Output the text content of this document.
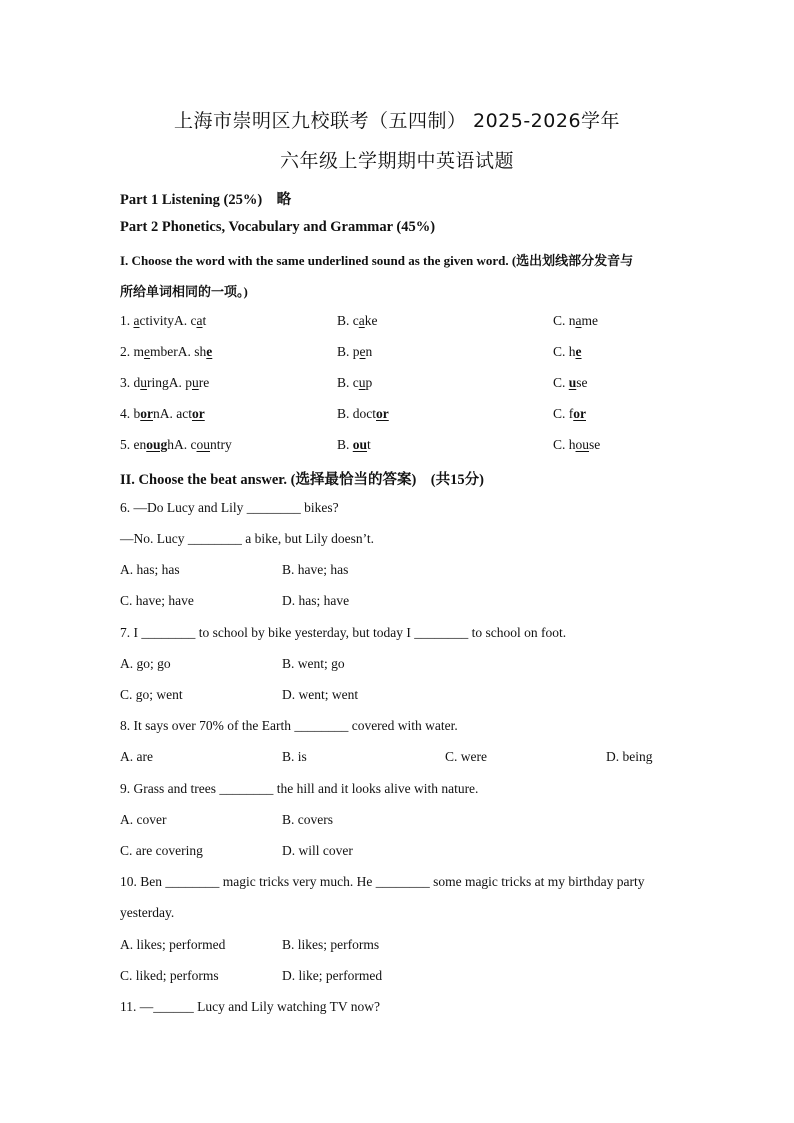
上海市崇明区九校联考（五四制） 2025-2026学年
六年级上学期期中英语试题
Part 1 Listening (25%)　略
Part 2 Phonetics, Vocabulary and Grammar (45%)
I. Choose the word with the same underlined sound as the given word. (选出划线部分发音与
所给单词相同的一项。)
1. activityA. cat	B. cake	C. name
2. memberA. she	B. pen	C. he
3. duringA. pure	B. cup	C. use
4. bornA. actor	B. doctor	C. for
5. enoughA. country	B. out	C. house
II. Choose the beat answer. (选择最恰当的答案)　(共15分)
6. —Do Lucy and Lily ________ bikes?
—No. Lucy ________ a bike, but Lily doesn’t.
A. has; has	B. have; has
C. have; have	D. has; have
7. I ________ to school by bike yesterday, but today I ________ to school on foot.
A. go; go	B. went; go
C. go; went	D. went; went
8. It says over 70% of the Earth ________ covered with water.
A. are	B. is	C. were	D. being
9. Grass and trees ________ the hill and it looks alive with nature.
A. cover	B. covers
C. are covering	D. will cover
10. Ben ________ magic tricks very much. He ________ some magic tricks at my birthday party
yesterday.
A. likes; performed	B. likes; performs
C. liked; performs	D. like; performed
11. —______ Lucy and Lily watching TV now?
